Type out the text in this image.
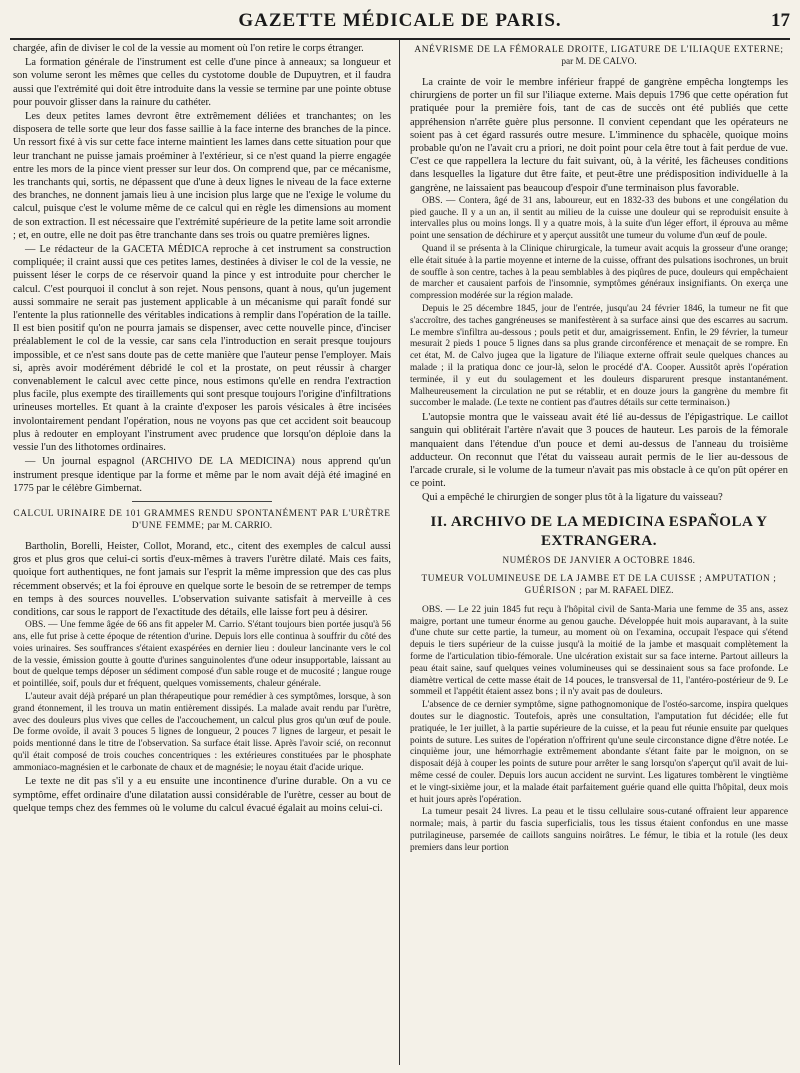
GAZETTE MÉDICALE DE PARIS.	17

chargée, afin de diviser le col de la vessie au moment où l'on retire le corps étranger.

La formation générale de l'instrument est celle d'une pince à anneaux; sa longueur et son volume seront les mêmes que celles du cystotome double de Dupuytren, et il faudra aussi que l'extrémité qui doit être introduite dans la vessie se termine par une pointe obtuse pour pouvoir glisser dans la rainure du cathéter.

Les deux petites lames devront être extrêmement déliées et tranchantes; on les disposera de telle sorte que leur dos fasse saillie à la face interne des branches de la pince. Un ressort fixé à vis sur cette face interne maintient les lames dans cette situation pour que leur tranchant ne puisse jamais proéminer à l'extérieur, si ce n'est quand la pierre engagée entre les mors de la pince vient presser sur leur dos. On comprend que, par ce mécanisme, les tranchants qui, sortis, ne dépassent que d'une à deux lignes le niveau de la face externe des branches, ne donnent jamais lieu à une incision plus large que ne l'exige le volume du calcul, puisque c'est le volume même de ce calcul qui en règle les dimensions au moment de son extraction. Il est nécessaire que l'extrémité supérieure de la petite lame soit arrondie ; et, en outre, elle ne doit pas être tranchante dans ses trois ou quatre premières lignes.

— Le rédacteur de la GACETA MÉDICA reproche à cet instrument sa construction compliquée; il craint aussi que ces petites lames, destinées à diviser le col de la vessie, ne puissent léser le corps de ce réservoir quand la pince y est introduite pour chercher le calcul. C'est pourquoi il conclut à son rejet. Nous pensons, quant à nous, qu'un jugement aussi sommaire ne serait pas justement applicable à un mécanisme qui paraît fondé sur l'entente la plus rationnelle des véritables indications à remplir dans l'opération de la taille. Il est bien positif qu'on ne pourra jamais se dispenser, avec cette nouvelle pince, d'inciser préalablement le col de la vessie, car sans cela l'introduction en serait presque toujours impossible, et ce n'est sans doute pas de cette manière que l'auteur pense l'employer. Mais si, après avoir modérément débridé le col et la prostate, on peut réussir à charger convenablement le calcul avec cette pince, nous estimons qu'elle en rendra l'extraction plus facile, plus exempte des tiraillements qui sont presque toujours l'origine d'infiltrations urineuses mortelles. Et quant à la crainte d'exposer les parois vésicales à être incisées involontairement pendant l'opération, nous ne voyons pas que cet accident soit beaucoup plus à redouter en employant l'instrument avec prudence que lorsqu'on déploie dans la vessie l'un des lithotomes ordinaires.

— Un journal espagnol (ARCHIVO DE LA MEDICINA) nous apprend qu'un instrument presque identique par la forme et même par le nom avait déjà été imaginé en 1775 par le célèbre Gimbernat.

CALCUL URINAIRE DE 101 GRAMMES RENDU SPONTANÉMENT PAR L'URÈTRE D'UNE FEMME; par M. CARRIO.

Bartholin, Borelli, Heister, Collot, Morand, etc., citent des exemples de calcul aussi gros et plus gros que celui-ci sortis d'eux-mêmes à travers l'urètre dilaté. Mais ces faits, quoique fort authentiques, ne font jamais sur l'esprit la même impression que des cas plus récemment observés; et la foi éprouve en quelque sorte le besoin de se retremper de temps en temps à des sources nouvelles. L'observation suivante satisfait à merveille à ces conditions, car sous le rapport de l'exactitude des détails, elle laisse fort peu à désirer.

OBS. — Une femme âgée de 66 ans fit appeler M. Carrio. S'étant toujours bien portée jusqu'à 56 ans, elle fut prise à cette époque de rétention d'urine. Depuis lors elle continua à souffrir du côté des voies urinaires. Ses souffrances s'étaient exaspérées en dernier lieu : douleur lancinante vers le col de la vessie, émission goutte à goutte d'urines sanguinolentes d'une odeur insupportable, laissant au bout de quelque temps déposer un sédiment composé d'un sable rouge et de mucosité ; langue rouge et pointillée, soif, pouls dur et fréquent, quelques vomissements, chaleur générale.

L'auteur avait déjà préparé un plan thérapeutique pour remédier à ces symptômes, lorsque, à son grand étonnement, il les trouva un matin entièrement dissipés. La malade avait rendu par l'urètre, avec des douleurs plus vives que celles de l'accouchement, un calcul plus gros qu'un œuf de poule. De forme ovoïde, il avait 3 pouces 5 lignes de longueur, 2 pouces 7 lignes de largeur, et pesait le poids mentionné dans le titre de l'observation. Sa surface était lisse. Après l'avoir scié, on reconnut qu'il était composé de trois couches concentriques : les extérieures constituées par le phosphate ammoniaco-magnésien et le carbonate de chaux et de magnésie; le noyau était d'acide urique.

Le texte ne dit pas s'il y a eu ensuite une incontinence d'urine durable. On a vu ce symptôme, effet ordinaire d'une dilatation aussi considérable de l'urètre, cesser au bout de quelque temps chez des femmes où le volume du calcul évacué égalait au moins celui-ci.

ANÉVRISME DE LA FÉMORALE DROITE, LIGATURE DE L'ILIAQUE EXTERNE; par M. DE CALVO.

La crainte de voir le membre inférieur frappé de gangrène empêcha longtemps les chirurgiens de porter un fil sur l'iliaque externe. Mais depuis 1796 que cette opération fut pratiquée pour la première fois, tant de cas de succès ont été publiés que cette appréhension n'arrête guère plus personne. Il convient cependant que les opérateurs ne soient pas à cet égard rassurés outre mesure. L'imminence du sphacèle, quoique moins probable qu'on ne l'avait cru a priori, ne doit point pour cela être tout à fait perdue de vue. C'est ce que rappellera la lecture du fait suivant, où, à la vérité, les fâcheuses conditions dans lesquelles la ligature dut être faite, et peut-être une prédisposition individuelle à la gangrène, ne laissaient pas beaucoup d'espoir d'une terminaison plus favorable.

OBS. — Contera, âgé de 31 ans, laboureur, eut en 1832-33 des bubons et une congélation du pied gauche. Il y a un an, il sentit au milieu de la cuisse une douleur qui se reproduisit ensuite à intervalles plus ou moins longs. Il y a quatre mois, à la suite d'un léger effort, il éprouva au même point une sensation de déchirure et y aperçut aussitôt une tumeur du volume d'un œuf de poule.

Quand il se présenta à la Clinique chirurgicale, la tumeur avait acquis la grosseur d'une orange; elle était située à la partie moyenne et interne de la cuisse, offrant des pulsations isochrones, un bruit de souffle à son centre, taches à la peau semblables à des piqûres de puce, douleurs qui empêchaient de marcher et causaient parfois de l'insomnie, symptômes généraux insignifiants. On exerça une compression modérée sur la région malade.

Depuis le 25 décembre 1845, jour de l'entrée, jusqu'au 24 février 1846, la tumeur ne fit que s'accroître, des taches gangréneuses se manifestèrent à sa surface ainsi que des escarres au sacrum. Le membre s'infiltra au-dessous ; pouls petit et dur, amaigrissement. Enfin, le 29 février, la tumeur mesurait 2 pieds 1 pouce 5 lignes dans sa plus grande circonférence et menaçait de se rompre. En cet état, M. de Calvo jugea que la ligature de l'iliaque externe offrait seule quelques chances au malade ; il la pratiqua donc ce jour-là, selon le procédé d'A. Cooper. Aussitôt après l'opération terminée, il y eut du soulagement et les douleurs disparurent presque instantanément. Malheureusement la circulation ne put se rétablir, et en douze jours la gangrène du membre fit succomber le malade. (Le texte ne contient pas d'autres détails sur cette terminaison.)

L'autopsie montra que le vaisseau avait été lié au-dessus de l'épigastrique. Le caillot sanguin qui oblitérait l'artère n'avait que 3 pouces de hauteur. Les parois de la fémorale manquaient dans l'étendue d'un pouce et demi au-dessus de l'anneau du troisième adducteur. On reconnut que l'état du vaisseau aurait permis de le lier au-dessous de l'arcade crurale, si le volume de la tumeur n'avait pas mis obstacle à ce qu'on pût opérer en ce point.

Qui a empêché le chirurgien de songer plus tôt à la ligature du vaisseau?

II. ARCHIVO DE LA MEDICINA ESPAÑOLA Y EXTRANGERA.
NUMÉROS DE JANVIER A OCTOBRE 1846.
TUMEUR VOLUMINEUSE DE LA JAMBE ET DE LA CUISSE ; AMPUTATION ; GUÉRISON ; par M. RAFAEL DIEZ.

OBS. — Le 22 juin 1845 fut reçu à l'hôpital civil de Santa-Maria une femme de 35 ans, assez maigre, portant une tumeur énorme au genou gauche. Développée huit mois auparavant, à la suite d'une chute sur cette partie, la tumeur, au moment où on l'examina, occupait l'espace qui s'étend depuis le tiers supérieur de la cuisse jusqu'à la moitié de la jambe et masquait complètement la forme de l'articulation tibio-fémorale. Une ulcération existait sur sa face interne. Partout ailleurs la peau était saine, sauf quelques veines volumineuses qui se dessinaient sous sa face profonde. Le diamètre vertical de cette masse était de 14 pouces, le transversal de 11, l'antéro-postérieur de 9. Le sommeil et l'appétit étaient assez bons ; il n'y avait pas de douleurs.

L'absence de ce dernier symptôme, signe pathognomonique de l'ostéo-sarcome, inspira quelques doutes sur le diagnostic. Toutefois, après une consultation, l'amputation fut décidée; elle fut pratiquée, le 1er juillet, à la partie supérieure de la cuisse, et la peau fut réunie ensuite par quelques points de suture. Les suites de l'opération n'offrirent qu'une seule circonstance digne d'être notée. Le cinquième jour, une hémorrhagie extrêmement abondante s'étant faite par le moignon, on se disposait déjà à couper les points de suture pour arrêter le sang lorsqu'on s'aperçut qu'il avait de lui-même cessé de couler. Depuis lors aucun accident ne survint. Les ligatures tombèrent le vingtième et le vingt-sixième jour, et la malade était parfaitement guérie quand elle quitta l'hôpital, deux mois et huit jours après l'opération.

La tumeur pesait 24 livres. La peau et le tissu cellulaire sous-cutané offraient leur apparence normale; mais, à partir du fascia superficialis, tous les tissus étaient confondus en une masse putrilagineuse, parsemée de caillots sanguins noirâtres. Le fémur, le tibia et la rotule (les deux premiers dans leur portion
